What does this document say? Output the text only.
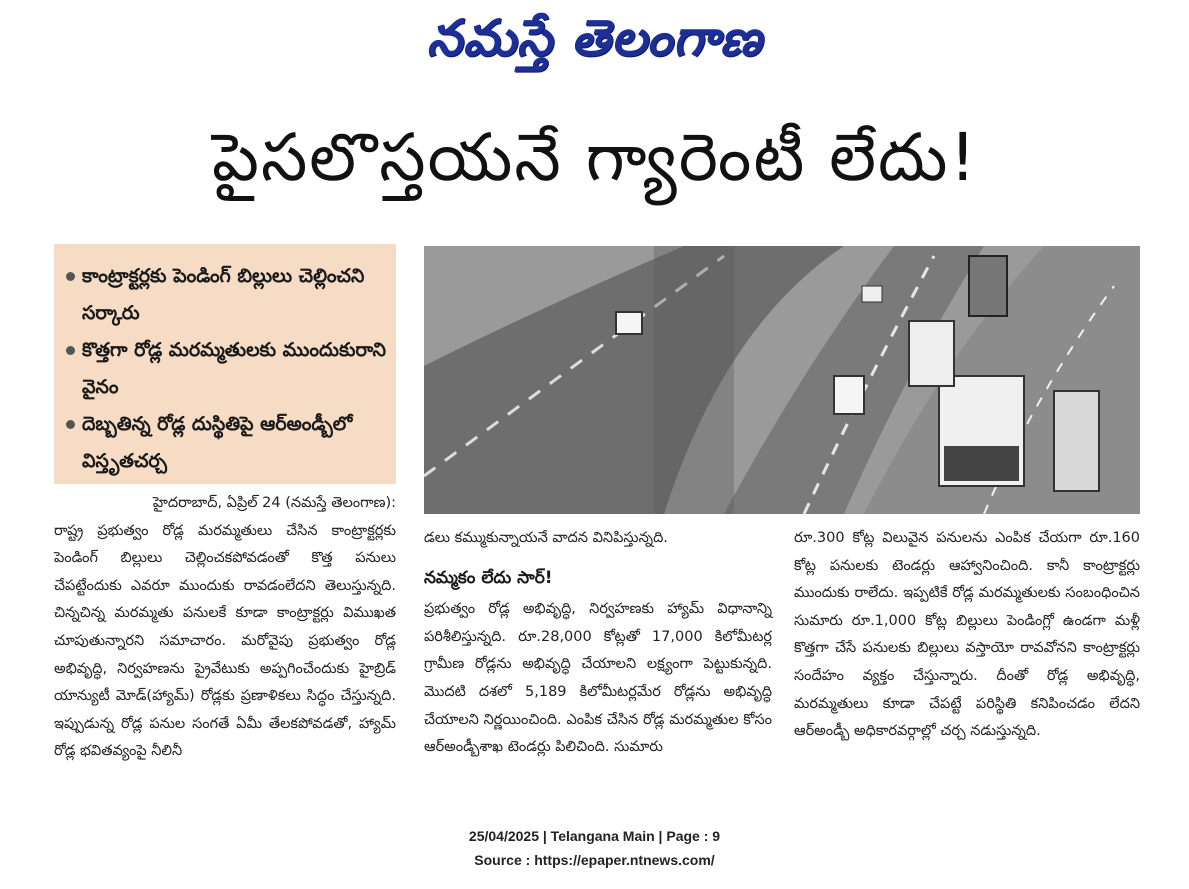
నమస్తే తెలంగాణ
పైసలొస్తయనే గ్యారెంటీ లేదు!
కాంట్రాక్టర్లకు పెండింగ్ బిల్లులు చెల్లించని సర్కారు
కొత్తగా రోడ్ల మరమ్మతులకు ముందుకురాని వైనం
దెబ్బతిన్న రోడ్ల దుస్థితిపై ఆర్అండ్బీలో విస్తృతచర్చ
హైదరాబాద్, ఏప్రిల్ 24 (నమస్తే తెలంగాణ):

రాష్ట్ర ప్రభుత్వం రోడ్ల మరమ్మతులు చేసిన కాంట్రాక్టర్లకు పెండింగ్ బిల్లులు చెల్లించకపోవడంతో కొత్త పనులు చేపట్టేందుకు ఎవరూ ముందుకు రావడంలేదని తెలుస్తున్నది. చిన్నచిన్న మరమ్మతు పనులకే కూడా కాంట్రాక్టర్లు విముఖత చూపుతున్నారని సమాచారం. మరోవైపు ప్రభుత్వం రోడ్ల అభివృద్ధి, నిర్వహణను ప్రైవేటుకు అప్పగించేందుకు హైబ్రిడ్ యాన్యుటీ మోడ్(హ్యామ్) రోడ్లకు ప్రణాళికలు సిద్ధం చేస్తున్నది. ఇప్పుడున్న రోడ్ల పనుల సంగతే ఏమీ తేలకపోవడతో, హ్యామ్ రోడ్ల భవితవ్యంపై నీలినీ

డలు కమ్ముకున్నాయనే వాదన వినిపిస్తున్నది.

నమ్మకం లేదు సార్!

ప్రభుత్వం రోడ్ల అభివృద్ధి, నిర్వహణకు హ్యామ్ విధానాన్ని పరిశీలిస్తున్నది. రూ.28,000 కోట్లతో 17,000 కిలోమీటర్ల గ్రామీణ రోడ్లను అభివృద్ధి చేయాలని లక్ష్యంగా పెట్టుకున్నది. మొదటి దశలో 5,189 కిలోమీటర్లమేర రోడ్లను అభివృద్ధి చేయాలని నిర్ణయించింది. ఎంపిక చేసిన రోడ్ల మరమ్మతుల కోసం ఆర్అండ్బీశాఖ టెండర్లు పిలిచింది. సుమారు

రూ.300 కోట్ల విలువైన పనులను ఎంపిక చేయగా రూ.160 కోట్ల పనులకు టెండర్లు ఆహ్వానించింది. కానీ కాంట్రాక్టర్లు ముందుకు రాలేదు. ఇప్పటికే రోడ్ల మరమ్మతులకు సంబంధించిన సుమారు రూ.1,000 కోట్ల బిల్లులు పెండింగ్లో ఉండగా మళ్లీ కొత్తగా చేసే పనులకు బిల్లులు వస్తాయో రావవోనని కాంట్రాక్టర్లు సందేహం వ్యక్తం చేస్తున్నారు. దీంతో రోడ్ల అభివృద్ధి, మరమ్మతులు కూడా చేపట్టే పరిస్థితి కనిపించడం లేదని ఆర్అండ్బీ అధికారవర్గాల్లో చర్చ నడుస్తున్నది.

25/04/2025 | Telangana Main | Page : 9
Source : https://epaper.ntnews.com/
